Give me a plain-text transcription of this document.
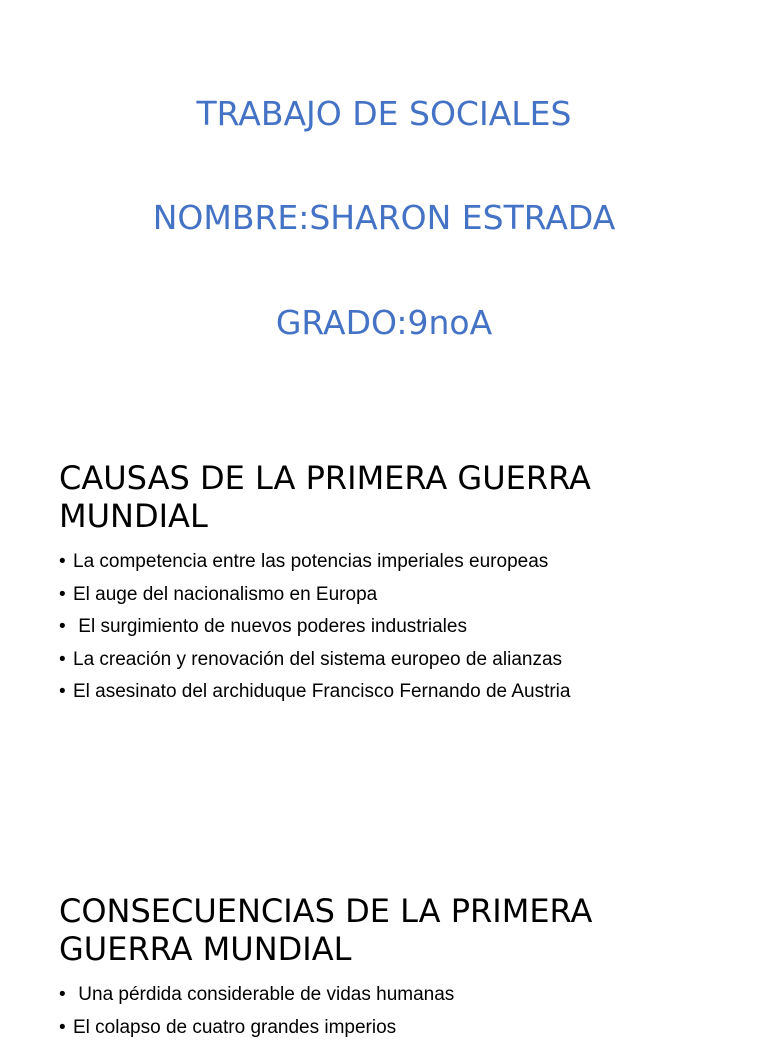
TRABAJO DE SOCIALES
NOMBRE:SHARON ESTRADA
GRADO:9noA
CAUSAS DE LA PRIMERA GUERRA
MUNDIAL
• La competencia entre las potencias imperiales europeas
• El auge del nacionalismo en Europa
• El surgimiento de nuevos poderes industriales
• La creación y renovación del sistema europeo de alianzas
• El asesinato del archiduque Francisco Fernando de Austria
CONSECUENCIAS DE LA PRIMERA
GUERRA MUNDIAL
• Una pérdida considerable de vidas humanas
• El colapso de cuatro grandes imperios
